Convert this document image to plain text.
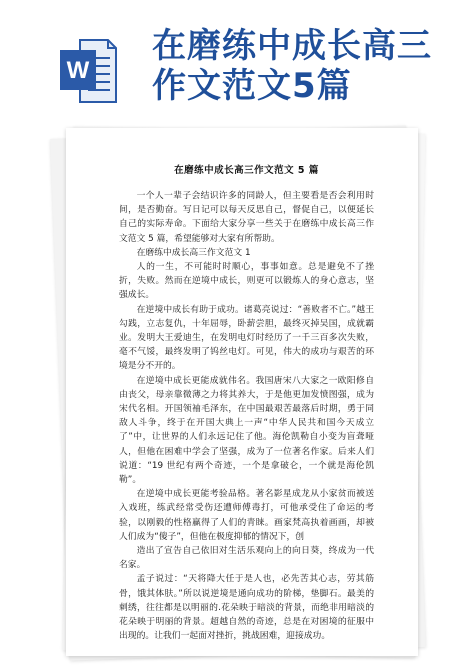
W
在磨练中成长高三
作文范文5篇
在磨练中成长高三作文范文 5 篇

一个人一辈子会结识许多的同龄人，但主要看是否会利用时间，是否勤奋。写日记可以每天反思自己，督促自己，以便延长自己的实际寿命。下面给大家分享一些关于在磨练中成长高三作文范文 5 篇，希望能够对大家有所帮助。

在磨练中成长高三作文范文 1

人的一生，不可能时时顺心，事事如意。总是避免不了挫折，失败。然而在逆境中成长，则更可以锻炼人的身心意志，坚强成长。

在逆境中成长有助于成功。诸葛亮说过：“善败者不亡。”越王勾践，立志复仇，十年屈辱，卧薪尝胆，最终灭掉吴国，成就霸业。发明大王爱迪生，在发明电灯时经历了一千三百多次失败，毫不气馁，最终发明了钨丝电灯。可见，伟大的成功与艰苦的环境是分不开的。

在逆境中成长更能成就伟名。我国唐宋八大家之一欧阳修自由丧父，母亲靠微薄之力将其养大，于是他更加发愤图强，成为宋代名相。开国领袖毛泽东，在中国最艰苦最落后时期，勇于同敌人斗争，终于在开国大典上一声“中华人民共和国今天成立了”中，让世界的人们永远记住了他。海伦凯勒自小变为盲聋哑人，但他在困难中学会了坚强，成为了一位著名作家。后来人们说道：“19 世纪有两个奇迹，一个是拿破仑，一个就是海伦凯勒”。

在逆境中成长更能考验品格。著名影星成龙从小家贫而被送入戏班，练武经常受伤还遭师傅毒打，可他承受住了命运的考验，以刚毅的性格赢得了人们的青睐。画家梵高执着画画，却被人们成为“傻子”，但他在极度抑郁的情况下，创

造出了宣告自己依旧对生活乐观向上的向日葵，终成为一代名家。

孟子说过：“天将降大任于是人也，必先苦其心志，劳其筋骨，饿其体肤。”所以说逆境是通向成功的阶梯，垫脚石。最美的刺绣，往往都是以明丽的.花朵映于暗淡的背景，而绝非用暗淡的花朵映于明丽的背景。超越自然的奇迹，总是在对困境的征服中出现的。让我们一起面对挫折，挑战困难，迎接成功。
